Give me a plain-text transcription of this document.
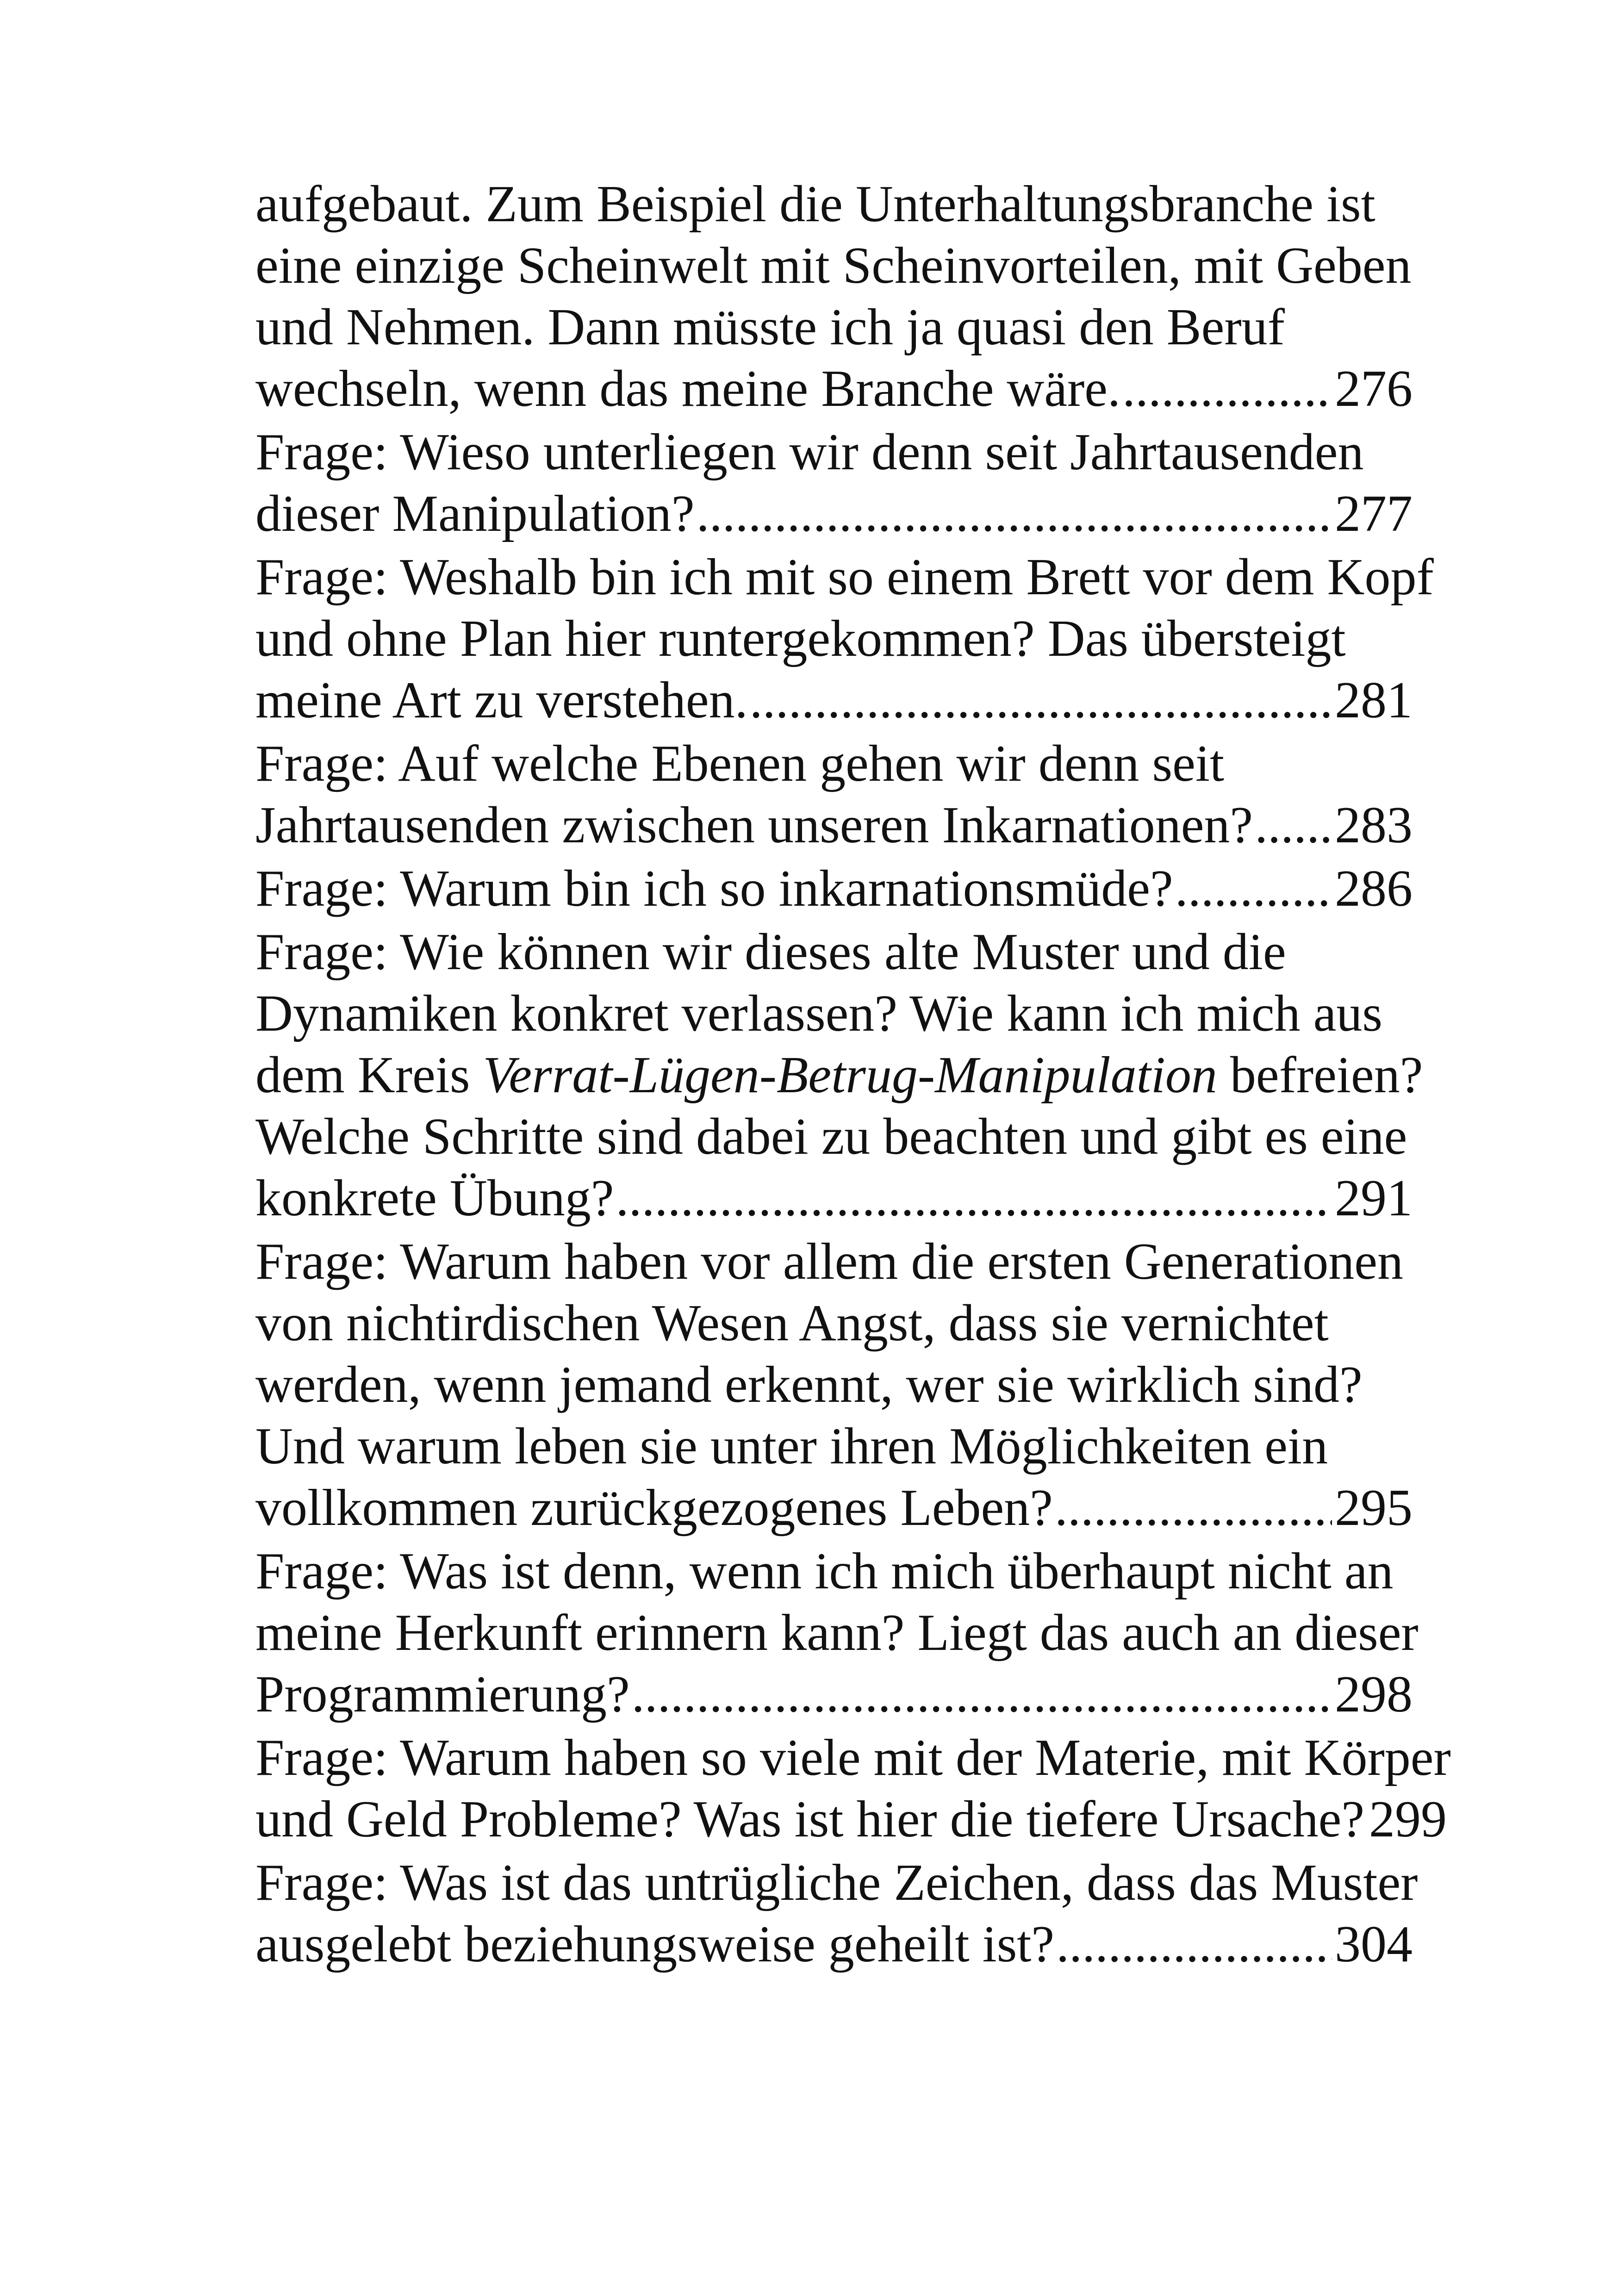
aufgebaut. Zum Beispiel die Unterhaltungsbranche ist
eine einzige Scheinwelt mit Scheinvorteilen, mit Geben
und Nehmen. Dann müsste ich ja quasi den Beruf
wechseln, wenn das meine Branche wäre. .....	276
Frage: Wieso unterliegen wir denn seit Jahrtausenden
dieser Manipulation? .....	277
Frage: Weshalb bin ich mit so einem Brett vor dem Kopf
und ohne Plan hier runtergekommen? Das übersteigt
meine Art zu verstehen. .....	281
Frage: Auf welche Ebenen gehen wir denn seit
Jahrtausenden zwischen unseren Inkarnationen? ..... 283
Frage: Warum bin ich so inkarnationsmüde? .....	286
Frage: Wie können wir dieses alte Muster und die
Dynamiken konkret verlassen? Wie kann ich mich aus
dem Kreis Verrat-Lügen-Betrug-Manipulation befreien?
Welche Schritte sind dabei zu beachten und gibt es eine
konkrete Übung? .....	291
Frage: Warum haben vor allem die ersten Generationen
von nichtirdischen Wesen Angst, dass sie vernichtet
werden, wenn jemand erkennt, wer sie wirklich sind?
Und warum leben sie unter ihren Möglichkeiten ein
vollkommen zurückgezogenes Leben? .....	295
Frage: Was ist denn, wenn ich mich überhaupt nicht an
meine Herkunft erinnern kann? Liegt das auch an dieser
Programmierung? .....	298
Frage: Warum haben so viele mit der Materie, mit Körper
und Geld Probleme? Was ist hier die tiefere Ursache? ..... 299
Frage: Was ist das untrügliche Zeichen, dass das Muster
ausgelebt beziehungsweise geheilt ist? .....	304
